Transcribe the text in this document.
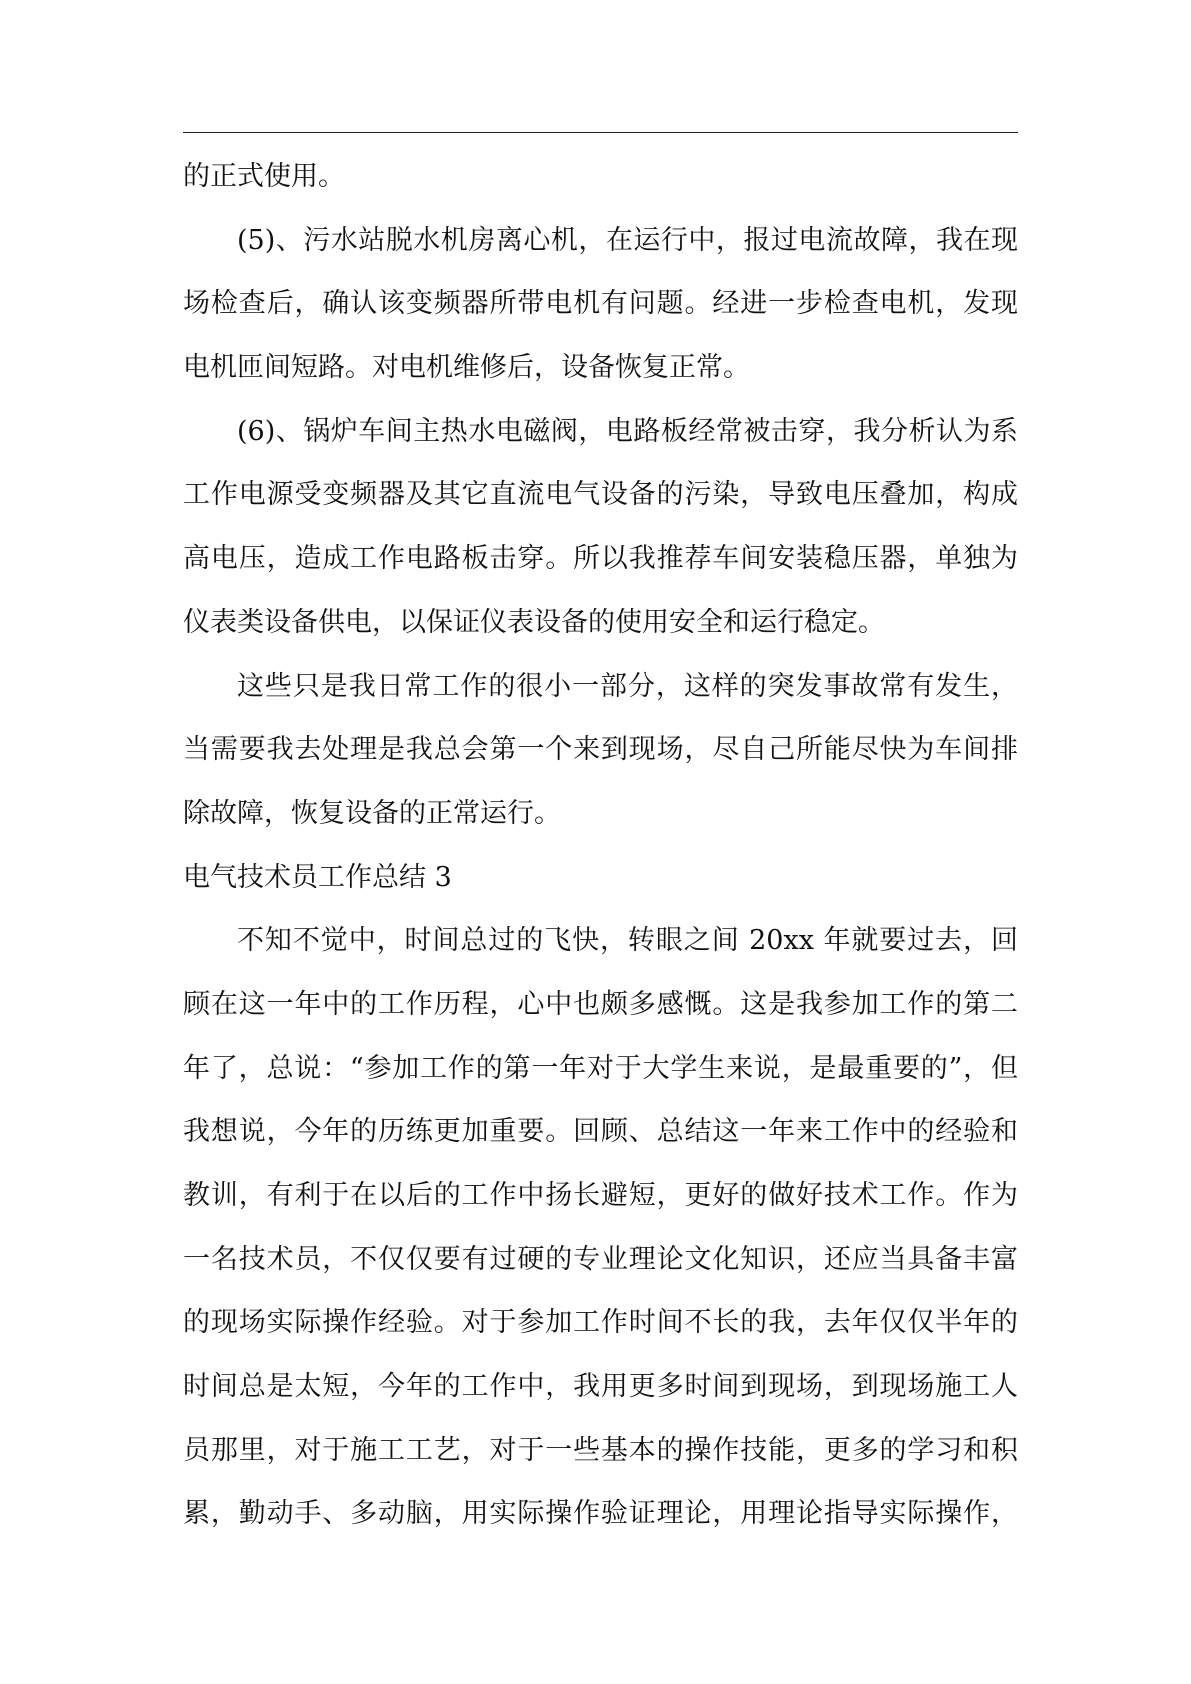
的正式使用。
(5)、污水站脱水机房离心机，在运行中，报过电流故障，我在现
场检查后，确认该变频器所带电机有问题。经进一步检查电机，发现
电机匝间短路。对电机维修后，设备恢复正常。
(6)、锅炉车间主热水电磁阀，电路板经常被击穿，我分析认为系
工作电源受变频器及其它直流电气设备的污染，导致电压叠加，构成
高电压，造成工作电路板击穿。所以我推荐车间安装稳压器，单独为
仪表类设备供电，以保证仪表设备的使用安全和运行稳定。
这些只是我日常工作的很小一部分，这样的突发事故常有发生，
当需要我去处理是我总会第一个来到现场，尽自己所能尽快为车间排
除故障，恢复设备的正常运行。
电气技术员工作总结 3
不知不觉中，时间总过的飞快，转眼之间 20xx 年就要过去，回
顾在这一年中的工作历程，心中也颇多感慨。这是我参加工作的第二
年了，总说：“参加工作的第一年对于大学生来说，是最重要的”，但
我想说，今年的历练更加重要。回顾、总结这一年来工作中的经验和
教训，有利于在以后的工作中扬长避短，更好的做好技术工作。作为
一名技术员，不仅仅要有过硬的专业理论文化知识，还应当具备丰富
的现场实际操作经验。对于参加工作时间不长的我，去年仅仅半年的
时间总是太短，今年的工作中，我用更多时间到现场，到现场施工人
员那里，对于施工工艺，对于一些基本的操作技能，更多的学习和积
累，勤动手、多动脑，用实际操作验证理论，用理论指导实际操作，
